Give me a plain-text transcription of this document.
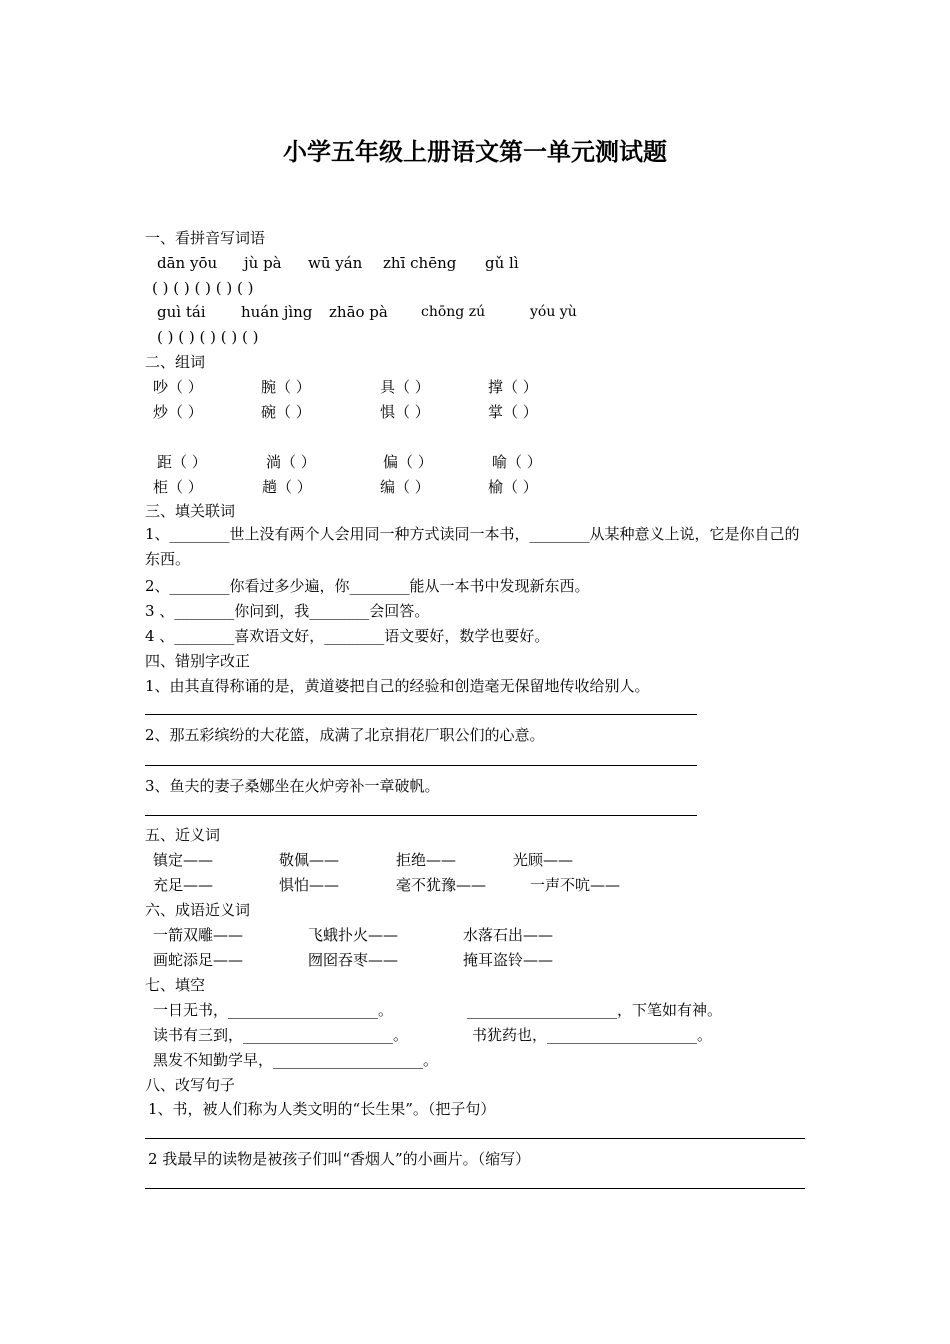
小学五年级上册语文第一单元测试题
一、看拼音写词语
dān yōu jù pà wū yán zhī chēng gǔ lì
( ) ( ) ( ) ( ) ( )
guì tái huán jìng zhāo pà chōng zú	yóu yù
( ) ( ) ( ) ( ) ( )
二、组词
吵（ ）	腕（ ）	具（ ）	撑（ ）
炒（ ）	碗（ ）	惧（ ）	掌（ ）
距（ ）	淌（ ）	偏（ ）	喻（ ）
柜（ ）	趟（ ）	编（ ）	榆（ ）
三、填关联词
1、________世上没有两个人会用同一种方式读同一本书，________从某种意义上说，它是你自己的东西。
2、________你看过多少遍，你________能从一本书中发现新东西。
3 、________你问到，我________会回答。
4 、________喜欢语文好，________语文要好，数学也要好。
四、错别字改正
1、由其直得称诵的是，黄道婆把自己的经验和创造毫无保留地传收给别人。
2、那五彩缤纷的大花篮，成满了北京捐花厂职公们的心意。
3、鱼夫的妻子桑娜坐在火炉旁补一章破帆。
五、近义词
镇定——	敬佩——	拒绝——	光顾——
充足——	惧怕——	毫不犹豫——	一声不吭——
六、成语近义词
一箭双雕——	飞蛾扑火——	水落石出——
画蛇添足——	囫囵吞枣——	掩耳盗铃——
七、填空
一日无书，____________________。	____________________，下笔如有神。
读书有三到，____________________。	书犹药也，____________________。
黑发不知勤学早，____________________。
八、改写句子
1、书，被人们称为人类文明的“长生果”。（把子句）
2 我最早的读物是被孩子们叫“香烟人”的小画片。（缩写）
